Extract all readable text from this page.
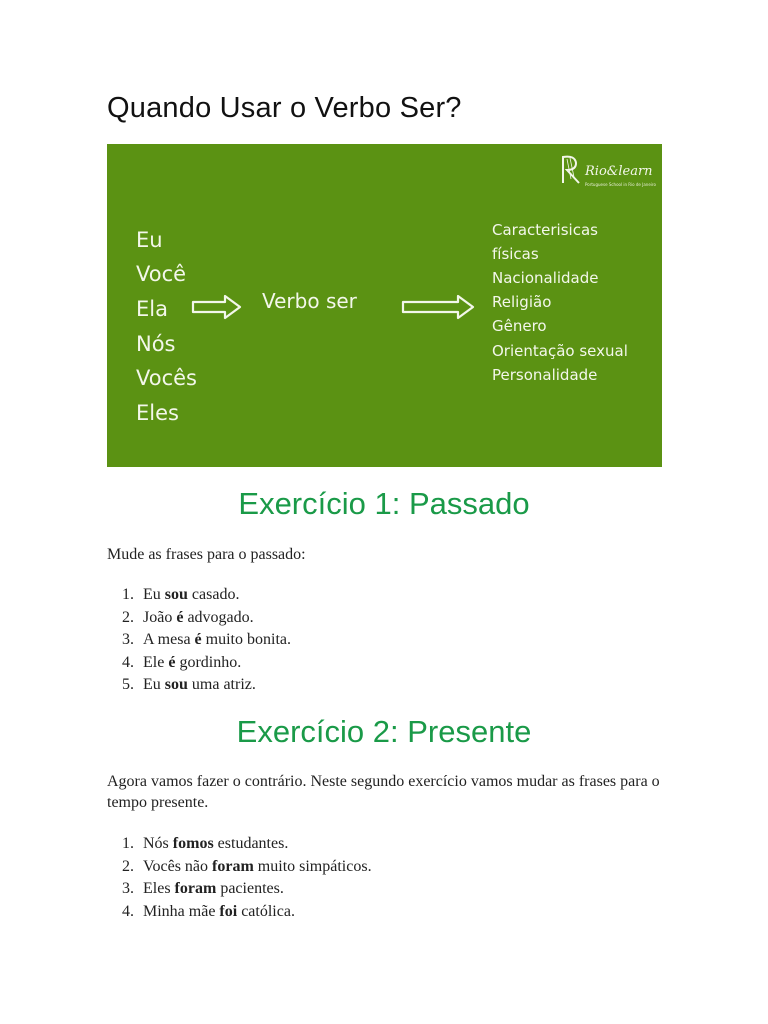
Quando Usar o Verbo Ser?
Rio&learn
Portuguese School in Rio de Janeiro
Eu
Você
Ela
Nós
Vocês
Eles
Verbo ser
Caracterisicas
físicas
Nacionalidade
Religião
Gênero
Orientação sexual
Personalidade
Exercício 1: Passado

Mude as frases para o passado:

1. Eu sou casado.
2. João é advogado.
3. A mesa é muito bonita.
4. Ele é gordinho.
5. Eu sou uma atriz.
Exercício 2: Presente

Agora vamos fazer o contrário. Neste segundo exercício vamos mudar as frases para o tempo presente.

1. Nós fomos estudantes.
2. Vocês não foram muito simpáticos.
3. Eles foram pacientes.
4. Minha mãe foi católica.
